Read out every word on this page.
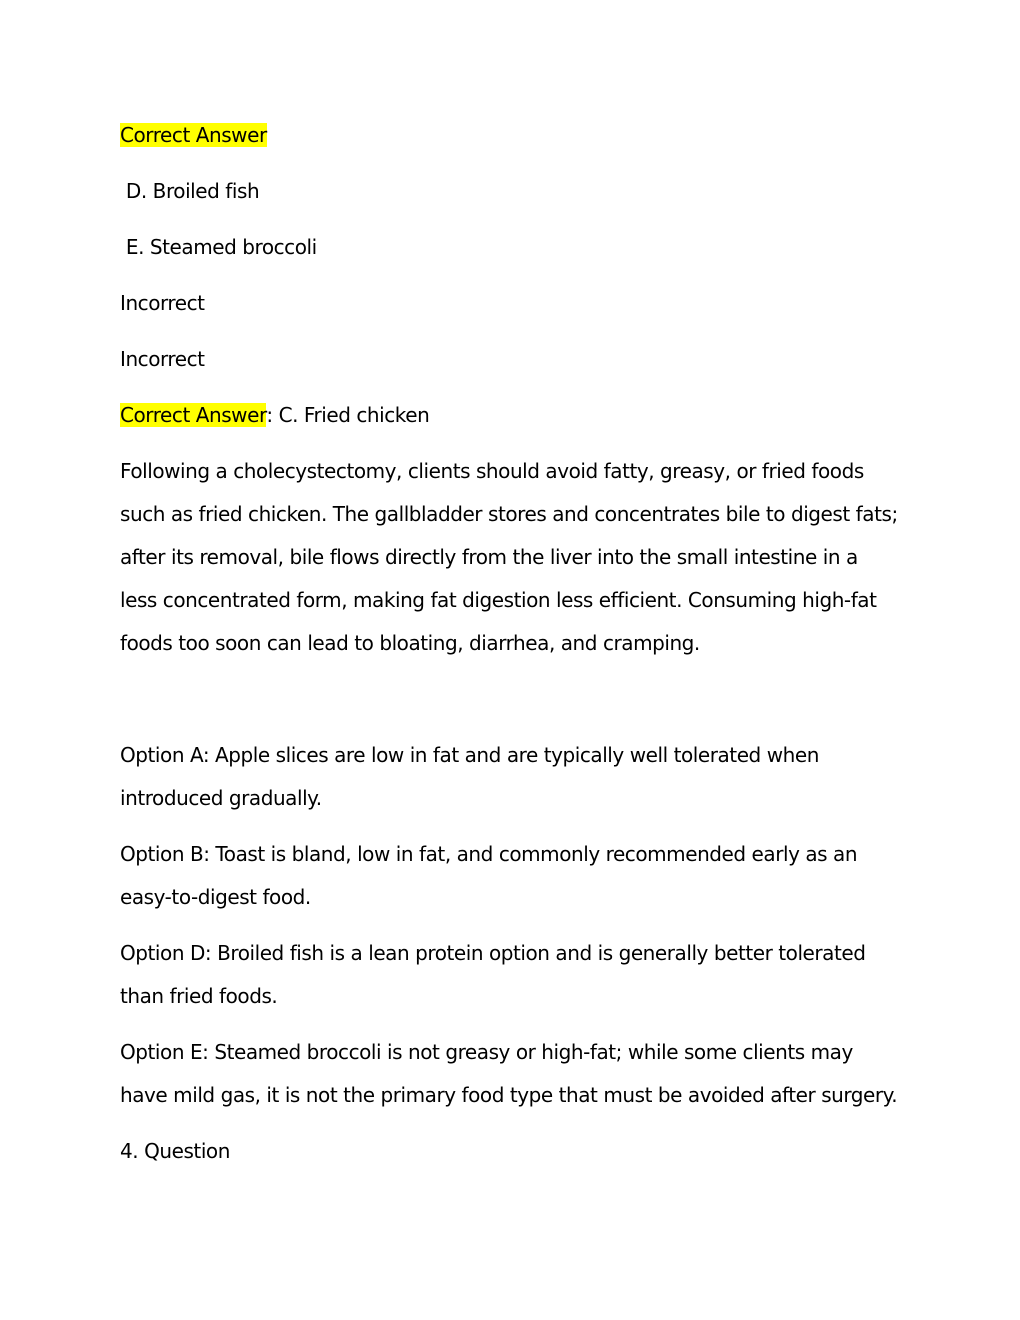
Correct Answer

D. Broiled fish

E. Steamed broccoli

Incorrect

Incorrect

Correct Answer: C. Fried chicken

Following a cholecystectomy, clients should avoid fatty, greasy, or fried foods such as fried chicken. The gallbladder stores and concentrates bile to digest fats; after its removal, bile flows directly from the liver into the small intestine in a less concentrated form, making fat digestion less efficient. Consuming high-fat foods too soon can lead to bloating, diarrhea, and cramping.

Option A: Apple slices are low in fat and are typically well tolerated when introduced gradually.

Option B: Toast is bland, low in fat, and commonly recommended early as an easy-to-digest food.

Option D: Broiled fish is a lean protein option and is generally better tolerated than fried foods.

Option E: Steamed broccoli is not greasy or high-fat; while some clients may have mild gas, it is not the primary food type that must be avoided after surgery.

4. Question
